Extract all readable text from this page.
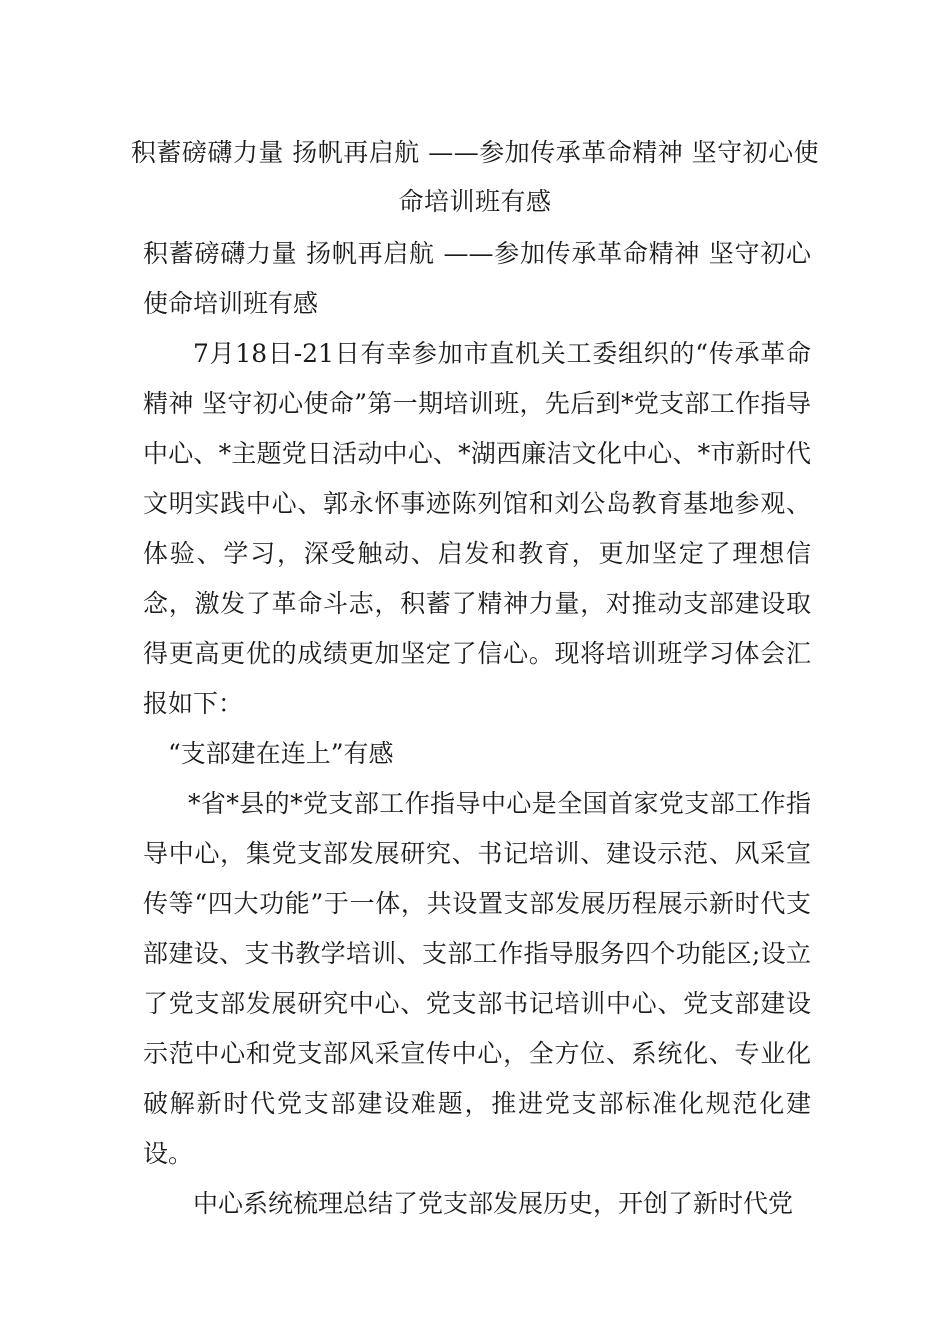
积蓄磅礴力量 扬帆再启航 ——参加传承革命精神 坚守初心使命培训班有感

积蓄磅礴力量 扬帆再启航 ——参加传承革命精神 坚守初心使命培训班有感

7月18日-21日有幸参加市直机关工委组织的“传承革命精神 坚守初心使命”第一期培训班，先后到*党支部工作指导中心、*主题党日活动中心、*湖西廉洁文化中心、*市新时代文明实践中心、郭永怀事迹陈列馆和刘公岛教育基地参观、体验、学习，深受触动、启发和教育，更加坚定了理想信念，激发了革命斗志，积蓄了精神力量，对推动支部建设取得更高更优的成绩更加坚定了信心。现将培训班学习体会汇报如下：

“支部建在连上”有感

*省*县的*党支部工作指导中心是全国首家党支部工作指导中心，集党支部发展研究、书记培训、建设示范、风采宣传等“四大功能”于一体，共设置支部发展历程展示新时代支部建设、支书教学培训、支部工作指导服务四个功能区;设立了党支部发展研究中心、党支部书记培训中心、党支部建设示范中心和党支部风采宣传中心，全方位、系统化、专业化破解新时代党支部建设难题，推进党支部标准化规范化建设。

中心系统梳理总结了党支部发展历史，开创了新时代党
